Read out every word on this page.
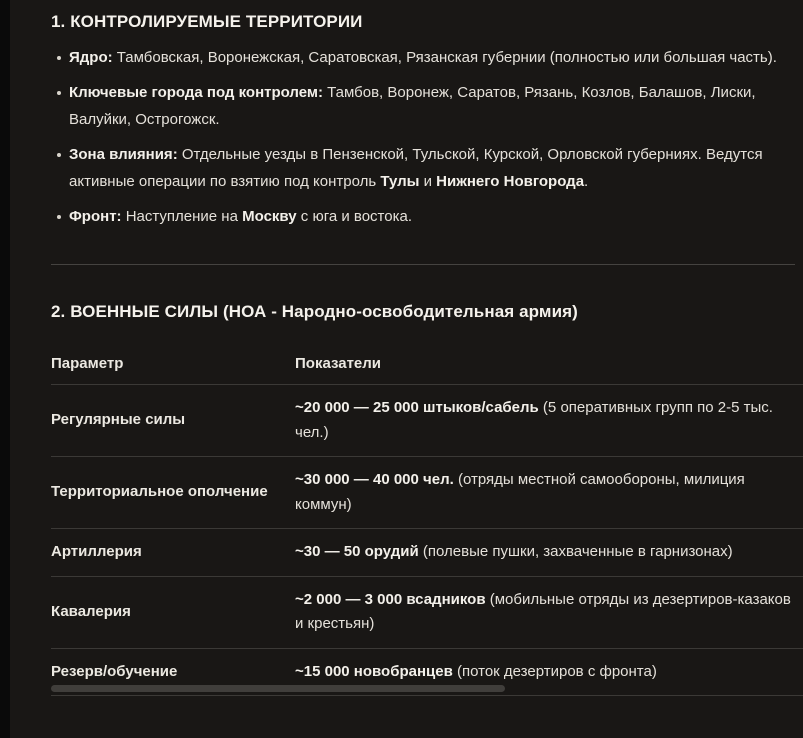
1. КОНТРОЛИРУЕМЫЕ ТЕРРИТОРИИ
Ядро: Тамбовская, Воронежская, Саратовская, Рязанская губернии (полностью или большая часть).
Ключевые города под контролем: Тамбов, Воронеж, Саратов, Рязань, Козлов, Балашов, Лиски, Валуйки, Острогожск.
Зона влияния: Отдельные уезды в Пензенской, Тульской, Курской, Орловской губерниях. Ведутся активные операции по взятию под контроль Тулы и Нижнего Новгорода.
Фронт: Наступление на Москву с юга и востока.
2. ВОЕННЫЕ СИЛЫ (НОА - Народно-освободительная армия)
Параметр	Показатели	
Регулярные силы	~20 000 — 25 000 штыков/сабель (5 оперативных групп по 2-5 тыс. чел.)	
Территориальное ополчение	~30 000 — 40 000 чел. (отряды местной самообороны, милиция коммун)	
Артиллерия	~30 — 50 орудий (полевые пушки, захваченные в гарнизонах)	
Кавалерия	~2 000 — 3 000 всадников (мобильные отряды из дезертиров-казаков и крестьян)	
Резерв/обучение	~15 000 новобранцев (поток дезертиров с фронта)	
